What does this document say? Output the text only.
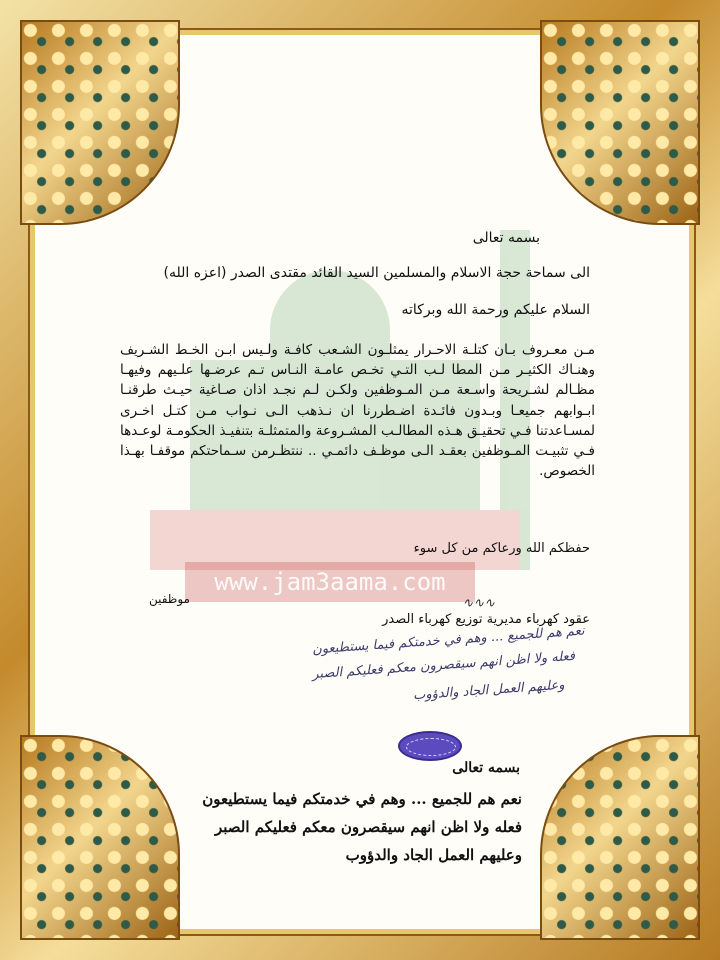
www.jam3aama.com
بسمه تعالى
الى سماحة حجة الاسلام والمسلمين السيد القائد مقتدى الصدر (اعزه الله)
السلام عليكم ورحمة الله وبركاته
مـن معـروف بـان كتلـة الاحـرار يمثلـون الشـعب كافـة ولـيس ابـن الخـط الشـريف وهنـاك الكثيـر مـن المطا لـب التـي تخـص عامـة النـاس تـم عرضـها علـيهم وفيهـا مظـالم لشـريحة واسـعة مـن المـوظفين ولكـن لـم نجـد اذان صـاغية حيـث طرقنـا ابـوابهم جميعـا وبـدون فائـدة اضـطررنا ان نـذهب الـى نـواب مـن كتـل اخـرى لمسـاعدتنا فـي تحقيـق هـذه المطالـب المشـروعة والمتمثلـة بتنفيـذ الحكومـة لوعـدها فـي تثبيـت المـوظفين بعقـد الـى موظـف دائمـي .. ننتظـرمن سـماحتكم موقفـا بهـذا الخصوص.
حفظكم الله ورعاكم من كل سوء
موظفين	∿∿∿
عقود كهرباء مديرية توزيع كهرباء الصدر
نعم هم للجميع ... وهم في خدمتكم فيما يستطيعون
فعله ولا اظن انهم سيقصرون معكم فعليكم الصبر
وعليهم العمل الجاد والدؤوب
بسمه تعالى
نعم هم للجميع ... وهم في خدمتكم فيما يستطيعون
فعله ولا اظن انهم سيقصرون معكم فعليكم الصبر
وعليهم العمل الجاد والدؤوب
